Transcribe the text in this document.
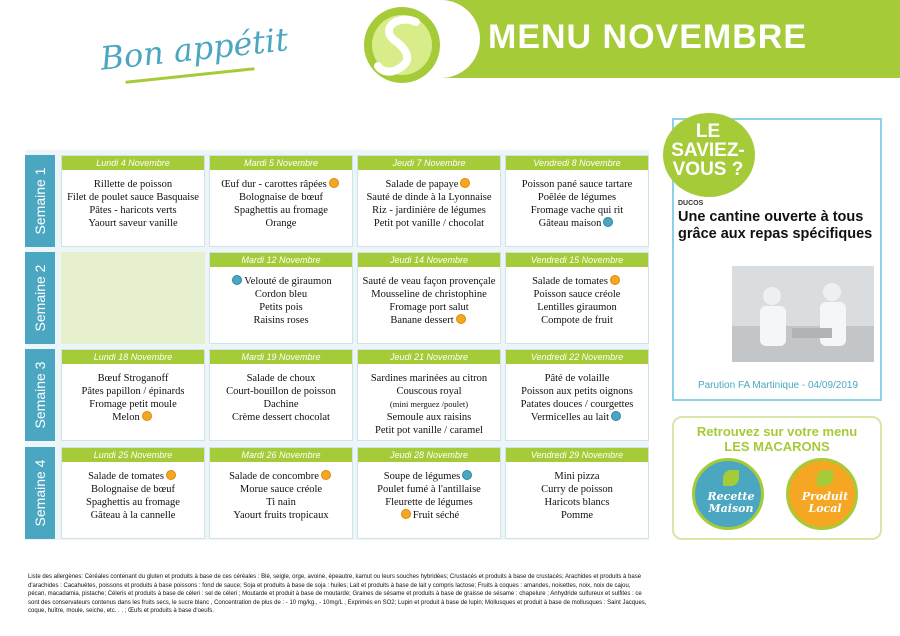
MENU NOVEMBRE
Bon appétit
Semaine 1
Lundi 4 Novembre
Rillette de poisson
Filet de poulet sauce Basquaise
Pâtes - haricots verts
Yaourt saveur vanille
Mardi 5 Novembre
Œuf dur - carottes râpées
Bolognaise de bœuf
Spaghettis au fromage
Orange
Jeudi 7 Novembre
Salade de papaye
Sauté de dinde à la Lyonnaise
Riz - jardinière de légumes
Petit pot vanille / chocolat
Vendredi 8 Novembre
Poisson pané sauce tartare
Poêlée de légumes
Fromage vache qui rit
Gâteau maison
Semaine 2
Mardi 12 Novembre
Velouté de giraumon
Cordon bleu
Petits pois
Raisins roses
Jeudi 14 Novembre
Sauté de veau façon provençale
Mousseline de christophine
Fromage port salut
Banane dessert
Vendredi 15 Novembre
Salade de tomates
Poisson sauce créole
Lentilles giraumon
Compote de fruit
Semaine 3
Lundi 18 Novembre
Bœuf Stroganoff
Pâtes papillon / épinards
Fromage petit moule
Melon
Mardi 19 Novembre
Salade de choux
Court-bouillon de poisson
Dachine
Crème dessert chocolat
Jeudi 21 Novembre
Sardines marinées au citron
Couscous royal
(mini merguez /poulet)
Semoule aux raisins
Petit pot vanille / caramel
Vendredi 22 Novembre
Pâté de volaille
Poisson aux petits oignons
Patates douces / courgettes
Vermicelles au lait
Semaine 4
Lundi 25 Novembre
Salade de tomates
Bolognaise de bœuf
Spaghettis au fromage
Gâteau à la cannelle
Mardi 26 Novembre
Salade de concombre
Morue sauce créole
Ti nain
Yaourt fruits tropicaux
Jeudi 28 Novembre
Soupe de légumes
Poulet fumé à l'antillaise
Fleurette de légumes
Fruit séché
Vendredi 29 Novembre
Mini pizza
Curry de poisson
Haricots blancs
Pomme
LE SAVIEZ-VOUS ?
DUCOS
Une cantine ouverte à tous grâce aux repas spécifiques
Parution FA Martinique - 04/09/2019
Retrouvez sur votre menu
LES MACARONS
Recette Maison
Produit Local
Liste des allergènes: Céréales contenant du gluten et produits à base de ces céréales : Blé, seigle, orge, avoine, épeautre, kamut ou leurs souches hybridées; Crustacés et produits à base de crustacés; Arachides et produits à base d'arachides : Cacahuètes, poissons et produits à base poissons : fond de sauce; Soja et produits à base de soja : huiles; Lait et produits à base de lait y compris lactose; Fruits à coques : amandes, noisettes, noix, noix de cajou, pécan, macadamia, pistache; Céleris et produits à base de céleri : sel de céleri ; Moutarde et produit à base de moutarde; Graines de sésame et produits à base de graisse de sésame : chapelure ; Anhydride sulfureux et sulfites : ce sont des conservateurs contenus dans les fruits secs, le sucre blanc , Concentration de plus de : - 10 mg/kg., - 10mg/L , Exprimés en SO2; Lupin et produit à base de lupin; Mollusques et produit à base de mollusques : Saint Jacques, coque, huître, moule, seiche, etc. . . ; Œufs et produits à base d'oeufs.
